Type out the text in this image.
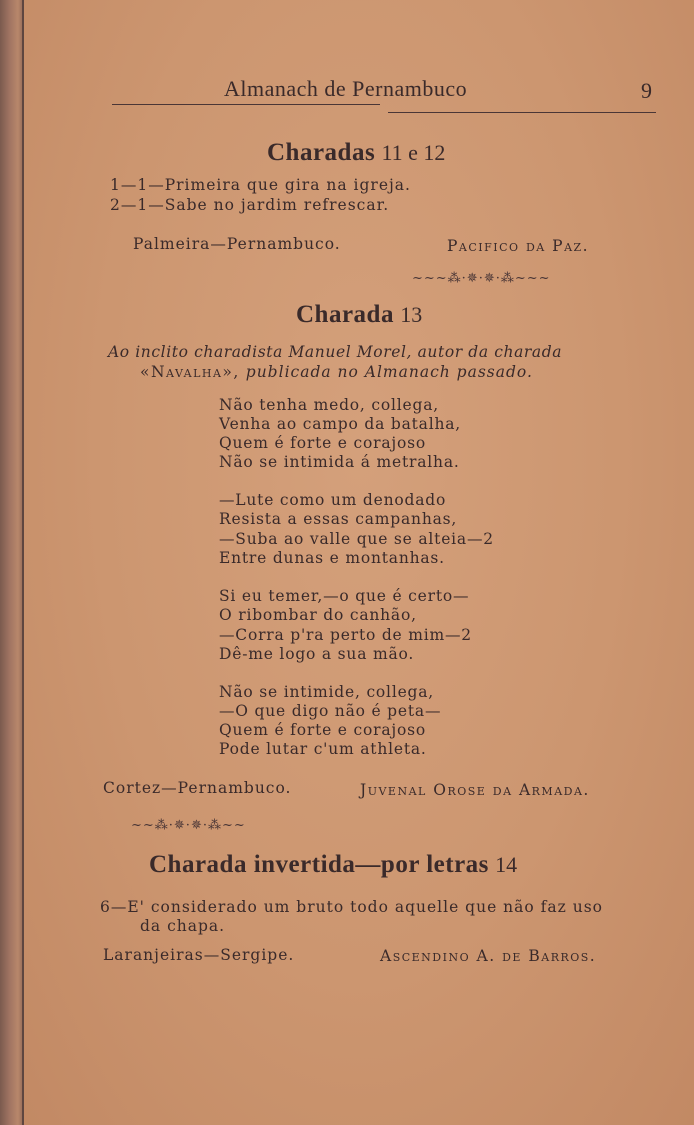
Almanach de Pernambuco	9
Charadas 11 e 12
1—1—Primeira que gira na igreja.
2—1—Sabe no jardim refrescar.
Palmeira—Pernambuco.	Pacifico da Paz.
~~~⁂·✵·✵·⁂~~~
Charada 13
Ao inclito charadista Manuel Morel, autor da charada
«Navalha», publicada no Almanach passado.
Não tenha medo, collega,
Venha ao campo da batalha,
Quem é forte e corajoso
Não se intimida á metralha.
—Lute como um denodado
Resista a essas campanhas,
—Suba ao valle que se alteia—2
Entre dunas e montanhas.
Si eu temer,—o que é certo—
O ribombar do canhão,
—Corra p'ra perto de mim—2
Dê-me logo a sua mão.
Não se intimide, collega,
—O que digo não é peta—
Quem é forte e corajoso
Pode lutar c'um athleta.
Cortez—Pernambuco.	Juvenal Orose da Armada.
~~⁂·✵·✵·⁂~~
Charada invertida—por letras 14
6—E' considerado um bruto todo aquelle que não faz uso
da chapa.
Laranjeiras—Sergipe.	Ascendino A. de Barros.
